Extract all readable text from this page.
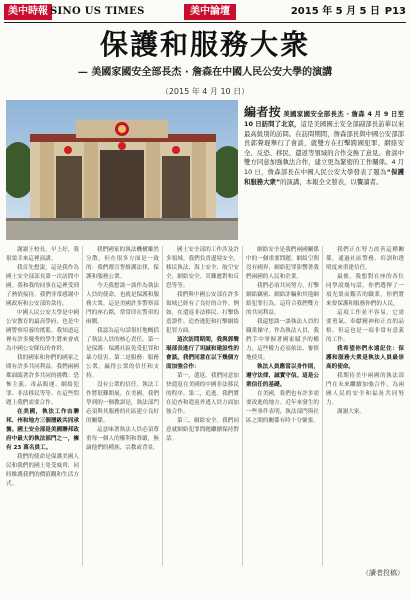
美中時報 SINO US TIMES	美中論壇	2015 年 5 月 5 日 P13
保護和服務大衆
— 美國家國安全部長杰 · 詹森在中國人民公安大學的演講
（2015 年 4 月 10 日）
編者按 美國家國安全部長杰 · 詹森 4 月 9 日至 10 日訪問了北京，這是美國國土安全部副部長訪華以來最高級別的訪問。在訪問期間，詹森部長與中國公安部部長郭聲琨舉行了會談，就雙方在打擊跨國犯罪、網絡安全、反恐、移民、遣返等領域的合作交換了意見。會談中雙方同意加強執法合作，建立更為緊密的工作關係。4 月 10 日，詹森部長在中國人民公安大學發表了題為“保護和服務大衆”的演講，本報全文發表，以饗讀者。

謝謝王校長。早上好，我很榮幸來這裡演講。

我首先想說，這是我作為國土安全部部長第一次訪問中國。我和我的同事在這裡受到了熱情接待，我們非常感謝中國政府和公安部的款待。

中國人民公安大學是中國公安教育的最高學府，也是中國警察培養的搖籃。我知道這裡有許多優秀的學生將來會成為中國公安隊伍的骨幹。

我的國家和你們的國家之間有許多共同利益。我們兩國都面臨著許多共同的挑戰：恐怖主義、毒品販運、網絡犯罪、非法移民等等。在這些問題上我們需要合作。

在美國，執法工作由聯邦、州和地方三個層級共同承擔。國土安全部是美國聯邦政府中最大的執法部門之一，擁有 23 萬名員工。

我們的使命是保護美國人民和我們的國土免受威脅，同時維護我們的價值觀和生活方式。

我們國家的執法機構雖然分散，但在很多方面是一致的：我們都宣誓維護法律，保護和服務公衆。

今天我想談一談作為執法人員的使命，也就是保護和服務大衆。這是美國許多警察部門的座右銘，常常印在警車的兩側。

我認為這句話很好地概括了執法人員的核心責任。第一是保護：保護社區免受犯罪和暴力侵害。第二是服務：服務公衆，贏得公衆的信任和支持。

沒有公衆的信任，執法工作將很難開展。在美國，我們學到的一個教訓是，執法部門必須與其服務的社區建立良好的關係。

這意味著執法人員必須尊重每一個人的權利和尊嚴，無論他們的種族、宗教或背景。

國土安全部的工作涉及許多領域。我們負責邊境安全、移民執法、海上安全、航空安全、網絡安全、災難應對和反恐等等。

我們與中國公安部在許多領域已經有了良好的合作。例如，在遣返非法移民、打擊偽造證件、追查逃犯和打擊網絡犯罪方面。

這次訪問期間，我與郭聲琨部長進行了坦誠和建設性的會談。我們同意在以下幾個方面加強合作：

第一，遣返。我們同意加快遣返在美國的中國非法移民的程序。第二，追逃。我們將在追查和遣返外逃人員方面加強合作。

第三，網絡安全。我們同意就網絡犯罪問題繼續保持對話。

網絡安全是我們兩國關係中的一個重要問題。網絡空間沒有國界，網絡犯罪影響著我們兩國的人民和企業。

我們必須共同努力，打擊網絡竊密、網絡詐騙和其他網絡犯罪行為。這符合我們雙方的共同利益。

我還想談一談執法人員的職業操守。作為執法人員，我們手中掌握著國家賦予的權力，這些權力必須依法、審慎地使用。

執法人員應當以身作則，遵守法律，誠實守信。這是公衆信任的基礎。

在美國，我們也有許多需要改進的地方。近年來發生的一些事件表明，執法部門與社區之間的關係有時十分緊張。

我們正在努力改善這種關係，通過社區警務、培訓和透明度來重建信任。

最後，我想對在座的各位同學說幾句話。你們選擇了一項光榮而艱苦的職業。你們將來要保護和服務你們的人民。

這項工作並不容易。它需要勇氣、奉獻精神和正直的品格。但這也是一項非常有意義的工作。

我希望你們永遠記住：保護和服務大衆是執法人員最崇高的使命。

我期待美中兩國的執法部門在未來繼續加強合作，為兩國人民的安全和福祉共同努力。

謝謝大家。

（讀者投稿）
